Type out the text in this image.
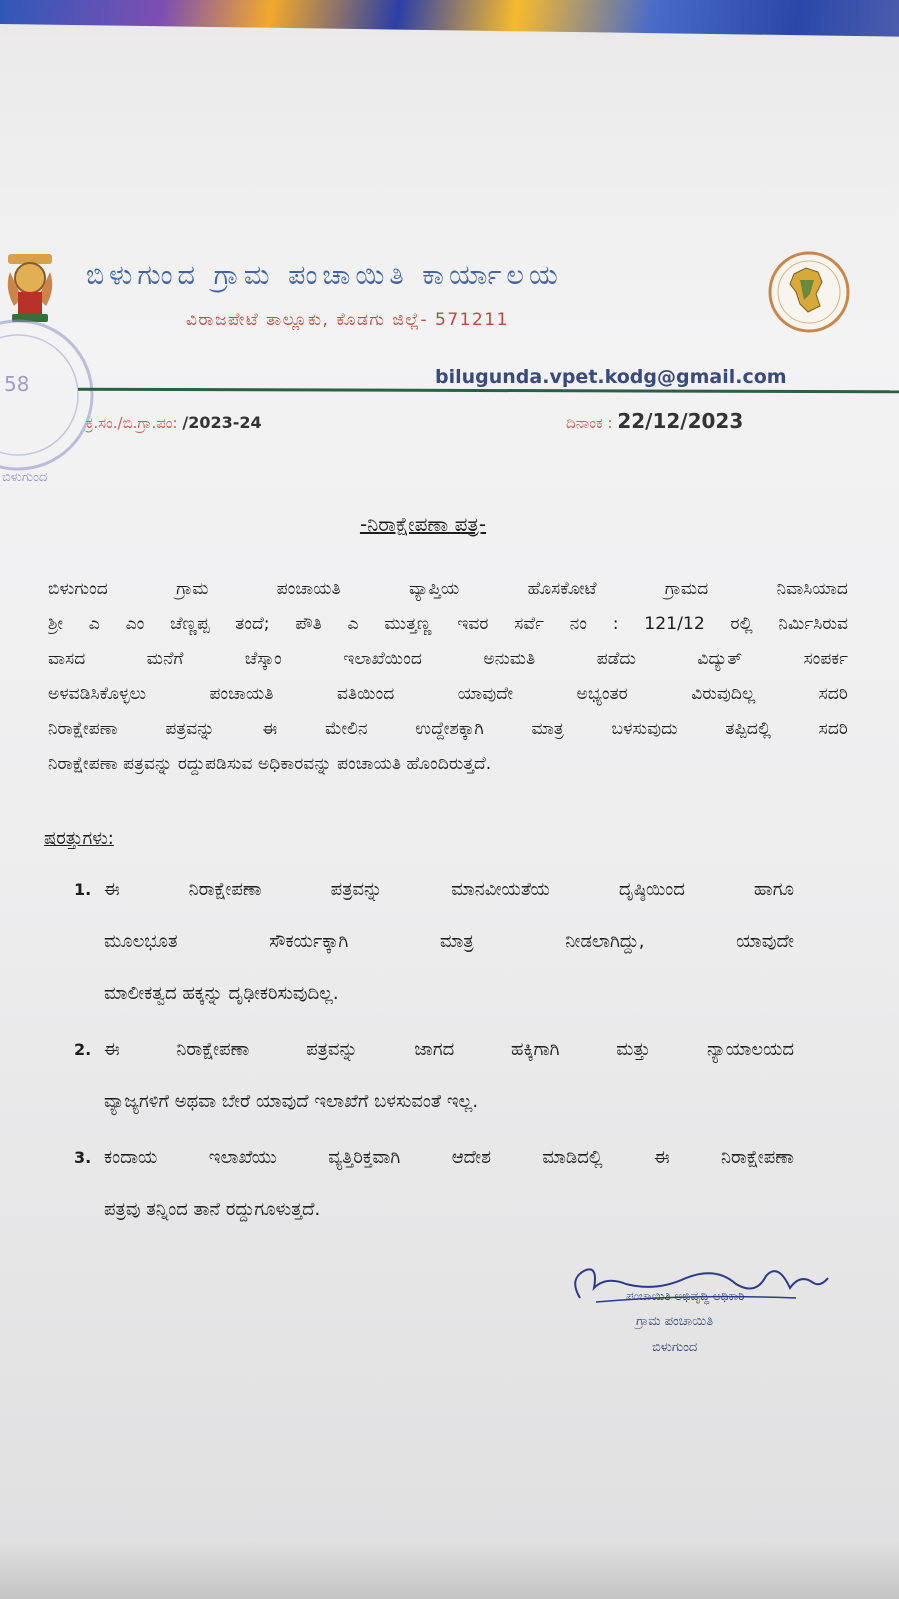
58
ಬಿಳುಗುಂದ
ಬಿಳುಗುಂದ ಗ್ರಾಮ ಪಂಚಾಯಿತಿ ಕಾರ್ಯಾಲಯ
ವಿರಾಜಪೇಟೆ ತಾಲ್ಲೂಕು, ಕೊಡಗು ಜಿಲ್ಲೆ- 571211
bilugunda.vpet.kodg@gmail.com
ಕ್ರ.ಸಂ./ಬಿ.ಗ್ರಾ.ಪಂ: /2023-24	ದಿನಾಂಕ : 22/12/2023
-ನಿರಾಕ್ಷೇಪಣಾ ಪತ್ರ-
ಬಿಳುಗುಂದ ಗ್ರಾಮ ಪಂಚಾಯತಿ ವ್ಯಾಪ್ತಿಯ ಹೊಸಕೋಟೆ ಗ್ರಾಮದ ನಿವಾಸಿಯಾದ
ಶ್ರೀ ಎ ಎಂ ಚೆಣ್ಣಪ್ಪ ತಂದೆ; ಪೌತಿ ಎ ಮುತ್ತಣ್ಣ ಇವರ ಸರ್ವೆ ನಂ : 121/12 ರಲ್ಲಿ ನಿರ್ಮಿಸಿರುವ
ವಾಸದ ಮನೆಗೆ ಚೆಸ್ಕಾಂ ಇಲಾಖೆಯಿಂದ ಅನುಮತಿ ಪಡೆದು ವಿದ್ಯುತ್ ಸಂಪರ್ಕ
ಅಳವಡಿಸಿಕೊಳ್ಳಲು ಪಂಚಾಯತಿ ವತಿಯಿಂದ ಯಾವುದೇ ಅಭ್ಯಂತರ ವಿರುವುದಿಲ್ಲ ಸದರಿ
ನಿರಾಕ್ಷೇಪಣಾ ಪತ್ರವನ್ನು ಈ ಮೇಲಿನ ಉದ್ದೇಶಕ್ಕಾಗಿ ಮಾತ್ರ ಬಳಸುವುದು ತಪ್ಪಿದಲ್ಲಿ ಸದರಿ
ನಿರಾಕ್ಷೇಪಣಾ ಪತ್ರವನ್ನು ರದ್ದುಪಡಿಸುವ ಅಧಿಕಾರವನ್ನು ಪಂಚಾಯತಿ ಹೊಂದಿರುತ್ತದೆ.
ಷರತ್ತುಗಳು:
1. ಈ ನಿರಾಕ್ಷೇಪಣಾ ಪತ್ರವನ್ನು ಮಾನವೀಯತೆಯ ದೃಷ್ಠಿಯಿಂದ ಹಾಗೂ
ಮೂಲಭೂತ ಸೌಕರ್ಯಕ್ಕಾಗಿ ಮಾತ್ರ ನೀಡಲಾಗಿದ್ದು, ಯಾವುದೇ
ಮಾಲೀಕತ್ವದ ಹಕ್ಕನ್ನು ದೃಢೀಕರಿಸುವುದಿಲ್ಲ.
2. ಈ ನಿರಾಕ್ಷೇಪಣಾ ಪತ್ರವನ್ನು ಜಾಗದ ಹಕ್ಕಿಗಾಗಿ ಮತ್ತು ನ್ಯಾಯಾಲಯದ
ವ್ಯಾಜ್ಯಗಳಿಗೆ ಅಥವಾ ಬೇರೆ ಯಾವುದೆ ಇಲಾಖೆಗೆ ಬಳಸುವಂತೆ ಇಲ್ಲ.
3. ಕಂದಾಯ ಇಲಾಖೆಯು ವ್ಯತ್ತಿರಿಕ್ತವಾಗಿ ಆದೇಶ ಮಾಡಿದಲ್ಲಿ ಈ ನಿರಾಕ್ಷೇಪಣಾ
ಪತ್ರವು ತನ್ನಿಂದ ತಾನೆ ರದ್ದುಗೂಳುತ್ತದೆ.
ಪಂಚಾಯಿತಿ ಅಭಿವೃದ್ಧಿ ಅಧಿಕಾರಿ
ಗ್ರಾಮ ಪಂಚಾಯಿತಿ
ಬಿಳುಗುಂದ
